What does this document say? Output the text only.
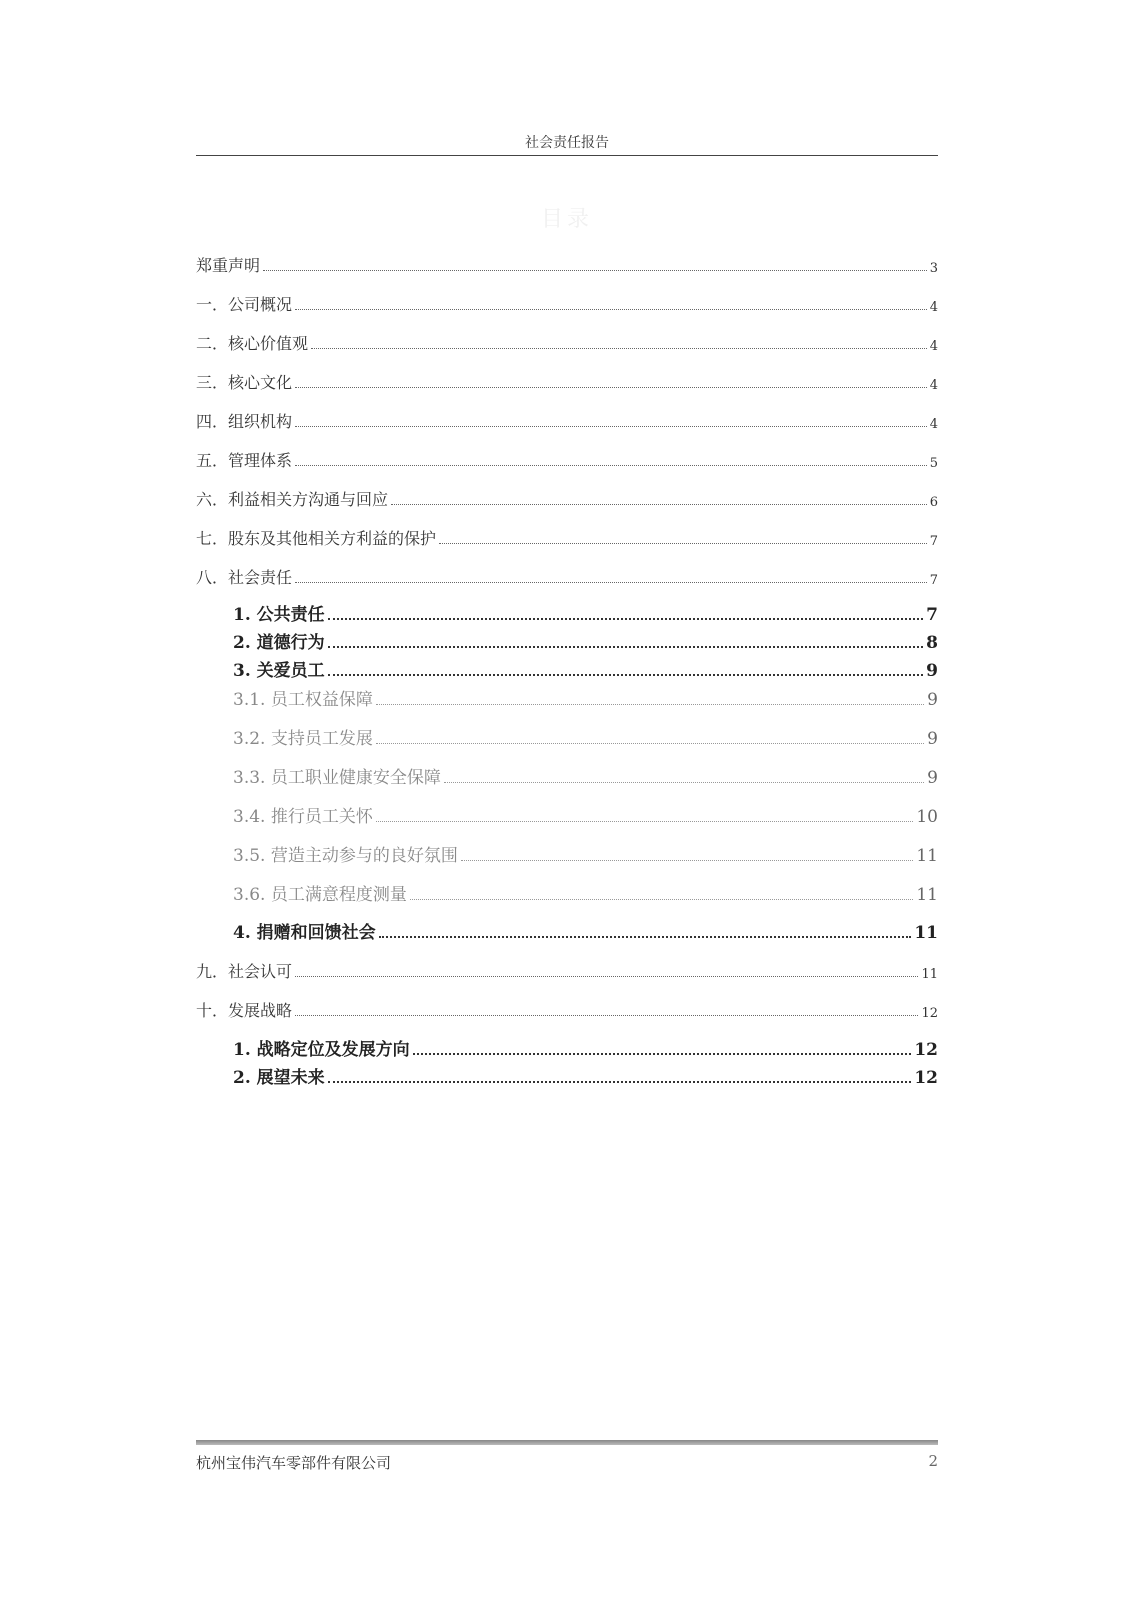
社会责任报告
目录
郑重声明	3
一．公司概况	4
二．核心价值观	4
三．核心文化	4
四．组织机构	4
五．管理体系	5
六．利益相关方沟通与回应	6
七．股东及其他相关方利益的保护	7
八．社会责任	7
1. 公共责任	7
2. 道德行为	8
3. 关爱员工	9
3.1. 员工权益保障	9
3.2. 支持员工发展	9
3.3. 员工职业健康安全保障	9
3.4. 推行员工关怀	10
3.5. 营造主动参与的良好氛围	11
3.6. 员工满意程度测量	11
4. 捐赠和回馈社会	11
九．社会认可	11
十．发展战略	12
1. 战略定位及发展方向	12
2. 展望未来	12
杭州宝伟汽车零部件有限公司	2
